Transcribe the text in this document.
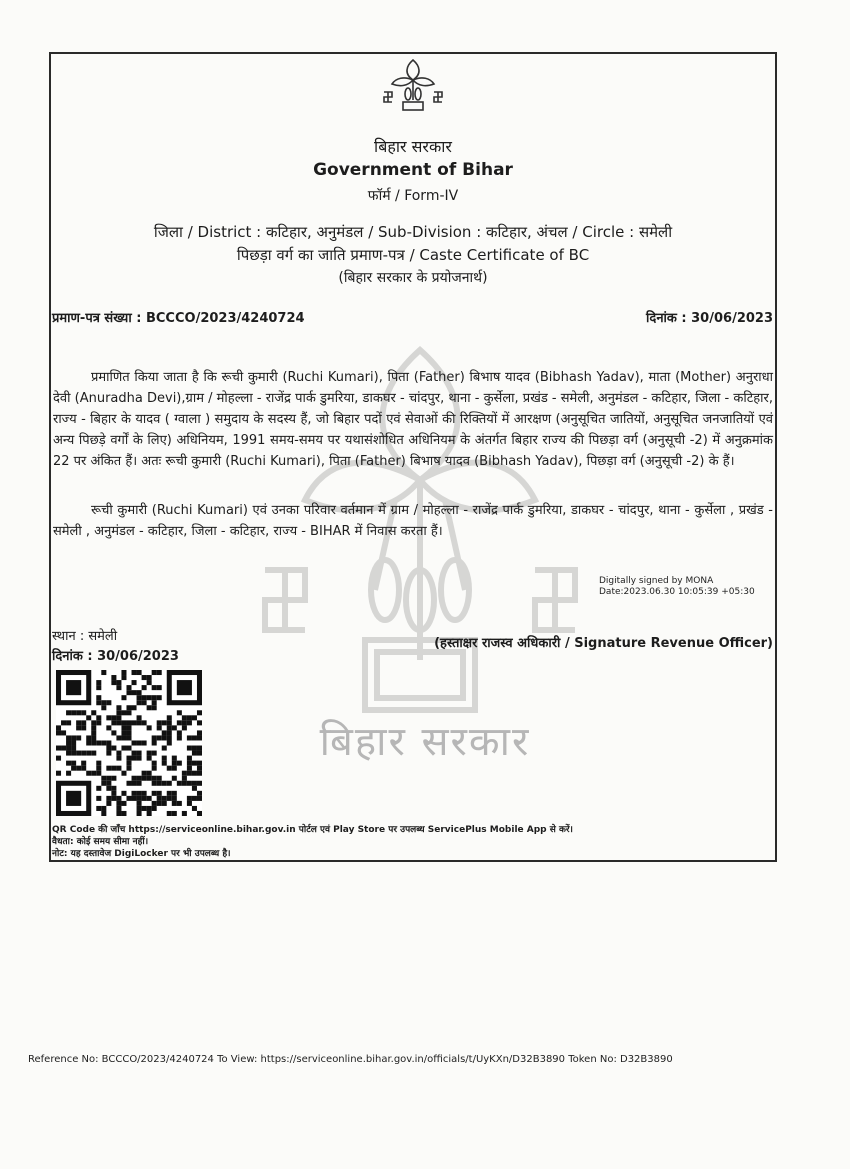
बिहार सरकार
बिहार सरकार
Government of Bihar
फॉर्म / Form-IV
जिला / District : कटिहार, अनुमंडल / Sub-Division : कटिहार, अंचल / Circle : समेली
पिछड़ा वर्ग का जाति प्रमाण-पत्र / Caste Certificate of BC
(बिहार सरकार के प्रयोजनार्थ)
प्रमाण-पत्र संख्या : BCCCO/2023/4240724	दिनांक : 30/06/2023
प्रमाणित किया जाता है कि रूची कुमारी (Ruchi Kumari), पिता (Father) बिभाष यादव (Bibhash Yadav), माता (Mother) अनुराधा देवी (Anuradha Devi),ग्राम / मोहल्ला - राजेंद्र पार्क डुमरिया, डाकघर - चांदपुर, थाना - कुर्सेला, प्रखंड - समेली, अनुमंडल - कटिहार, जिला - कटिहार, राज्य - बिहार के यादव ( ग्वाला ) समुदाय के सदस्य हैं, जो बिहार पदों एवं सेवाओं की रिक्तियों में आरक्षण (अनुसूचित जातियों, अनुसूचित जनजातियों एवं अन्य पिछड़े वर्गों के लिए) अधिनियम, 1991 समय-समय पर यथासंशोधित अधिनियम के अंतर्गत बिहार राज्य की पिछड़ा वर्ग (अनुसूची -2) में अनुक्रमांक 22 पर अंकित हैं। अतः रूची कुमारी (Ruchi Kumari), पिता (Father) बिभाष यादव (Bibhash Yadav), पिछड़ा वर्ग (अनुसूची -2) के हैं।
रूची कुमारी (Ruchi Kumari) एवं उनका परिवार वर्तमान में ग्राम / मोहल्ला - राजेंद्र पार्क डुमरिया, डाकघर - चांदपुर, थाना - कुर्सेला , प्रखंड - समेली , अनुमंडल - कटिहार, जिला - कटिहार, राज्य - BIHAR में निवास करता हैं।
Digitally signed by MONA
Date:2023.06.30 10:05:39 +05:30
स्थान : समेली
दिनांक : 30/06/2023
(हस्ताक्षर राजस्व अधिकारी / Signature Revenue Officer)
QR Code की जाँच https://serviceonline.bihar.gov.in पोर्टल एवं Play Store पर उपलब्ध ServicePlus Mobile App से करें।
वैधता: कोई समय सीमा नहीं।
नोट: यह दस्तावेज DigiLocker पर भी उपलब्ध है।
Reference No: BCCCO/2023/4240724 To View: https://serviceonline.bihar.gov.in/officials/t/UyKXn/D32B3890 Token No: D32B3890
